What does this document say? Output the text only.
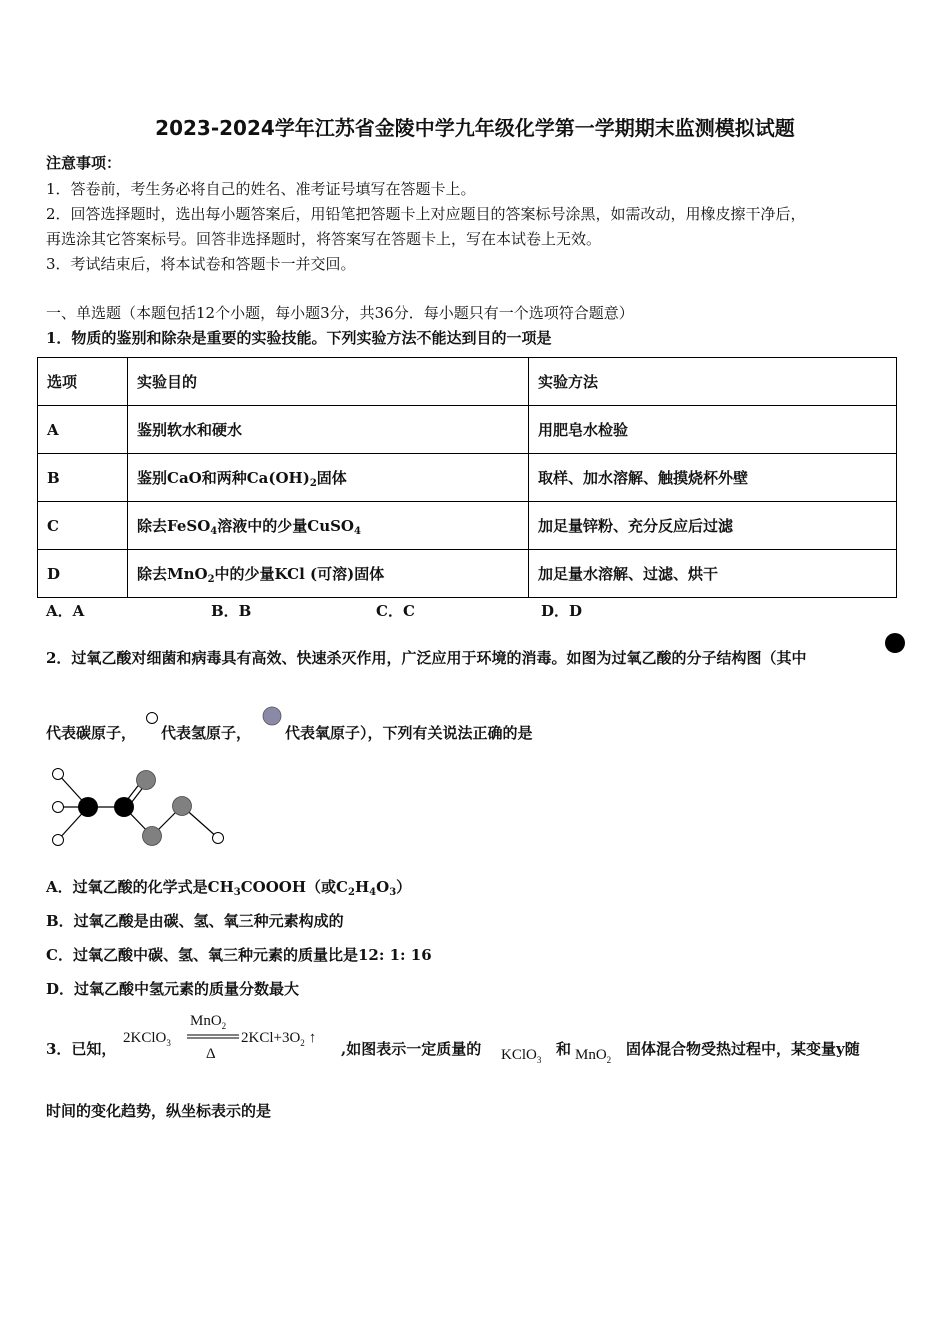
2023-2024学年江苏省金陵中学九年级化学第一学期期末监测模拟试题
注意事项：
1．答卷前，考生务必将自己的姓名、准考证号填写在答题卡上。
2．回答选择题时，选出每小题答案后，用铅笔把答题卡上对应题目的答案标号涂黑，如需改动，用橡皮擦干净后，
再选涂其它答案标号。回答非选择题时，将答案写在答题卡上，写在本试卷上无效。
3．考试结束后，将本试卷和答题卡一并交回。
一、单选题（本题包括12个小题，每小题3分，共36分．每小题只有一个选项符合题意）
1．物质的鉴别和除杂是重要的实验技能。下列实验方法不能达到目的一项是
选项	实验目的	实验方法
A	鉴别软水和硬水	用肥皂水检验
B	鉴别CaO和两种$Ca(OH)_2$固体	取样、加水溶解、触摸烧杯外壁
C	除去FeSO$_4$溶液中的少量CuSO$_4$	加足量锌粉、充分反应后过滤
D	除去MnO$_2$中的少量KCl (可溶)固体	加足量水溶解、过滤、烘干
A．A	B．B	C．C	D．D
2．过氧乙酸对细菌和病毒具有高效、快速杀灭作用，广泛应用于环境的消毒。如图为过氧乙酸的分子结构图（其中
代表碳原子， 代表氢原子， 代表氧原子），下列有关说法正确的是
A．过氧乙酸的化学式是$CH_3COOOH$（或$C_2H_4O_3$）
B．过氧乙酸是由碳、氢、氧三种元素构成的
C．过氧乙酸中碳、氢、氧三种元素的质量比是12: 1: 16
D．过氧乙酸中氢元素的质量分数最大
3．已知，
2KClO$_3$
MnO$_2$
Δ
$2KCl+3O_2$ ↑
,如图表示一定质量的 KClO$_3$
和 MnO$_2$
固体混合物受热过程中，某变量y随
时间的变化趋势，纵坐标表示的是
